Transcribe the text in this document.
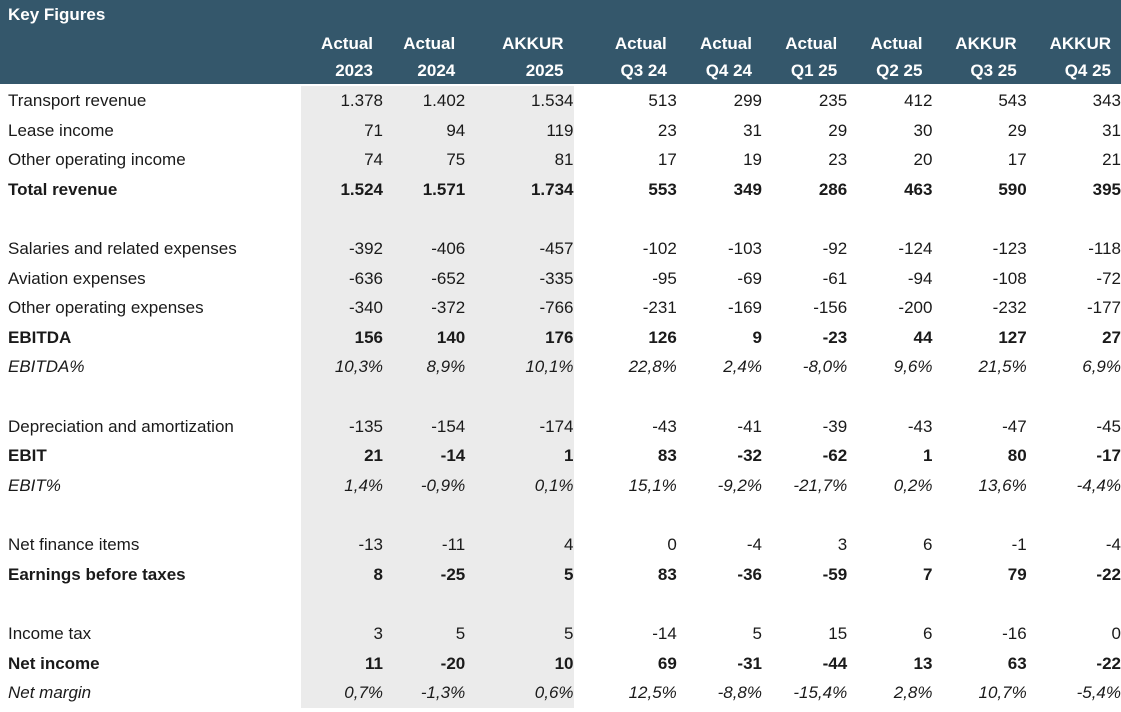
Key Figures
	Actual	Actual	AKKUR		Actual	Actual	Actual	Actual	AKKUR	AKKUR
	2023	2024	2025		Q3 24	Q4 24	Q1 25	Q2 25	Q3 25	Q4 25
Transport revenue	1.378	1.402	1.534		513	299	235	412	543	343
Lease income	71	94	119		23	31	29	30	29	31
Other operating income	74	75	81		17	19	23	20	17	21
Total revenue	1.524	1.571	1.734		553	349	286	463	590	395

Salaries and related expenses	-392	-406	-457		-102	-103	-92	-124	-123	-118
Aviation expenses	-636	-652	-335		-95	-69	-61	-94	-108	-72
Other operating expenses	-340	-372	-766		-231	-169	-156	-200	-232	-177
EBITDA	156	140	176		126	9	-23	44	127	27
EBITDA%	10,3%	8,9%	10,1%		22,8%	2,4%	-8,0%	9,6%	21,5%	6,9%

Depreciation and amortization	-135	-154	-174		-43	-41	-39	-43	-47	-45
EBIT	21	-14	1		83	-32	-62	1	80	-17
EBIT%	1,4%	-0,9%	0,1%		15,1%	-9,2%	-21,7%	0,2%	13,6%	-4,4%

Net finance items	-13	-11	4		0	-4	3	6	-1	-4
Earnings before taxes	8	-25	5		83	-36	-59	7	79	-22

Income tax	3	5	5		-14	5	15	6	-16	0
Net income	11	-20	10		69	-31	-44	13	63	-22
Net margin	0,7%	-1,3%	0,6%		12,5%	-8,8%	-15,4%	2,8%	10,7%	-5,4%
